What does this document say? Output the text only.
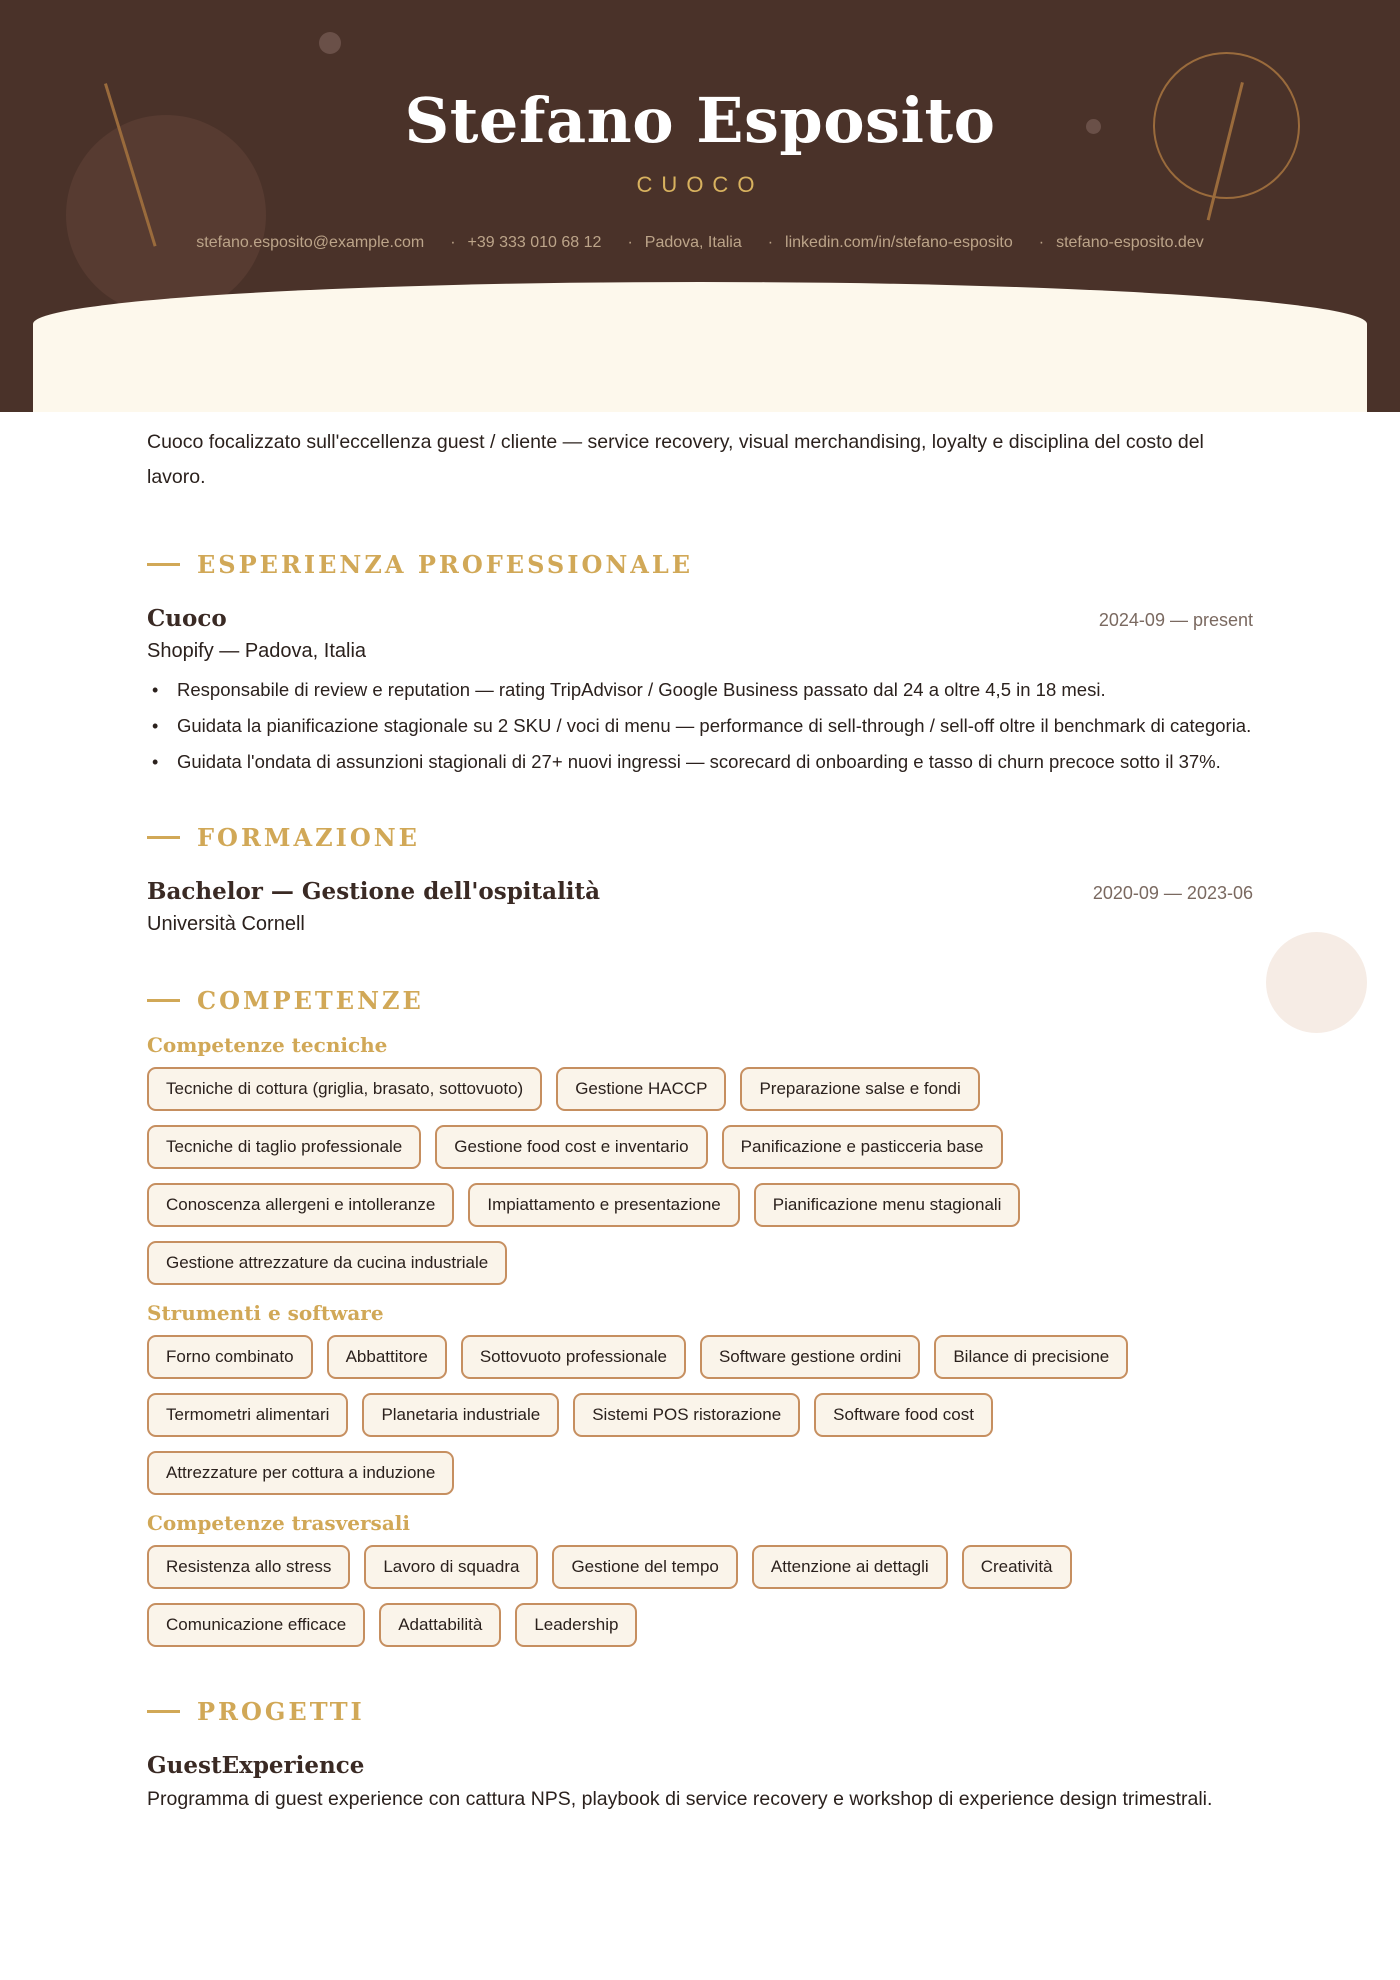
Stefano Esposito
CUOCO
stefano.esposito@example.com	· +39 333 010 68 12	· Padova, Italia	· linkedin.com/in/stefano-esposito	· stefano-esposito.dev

Cuoco focalizzato sull'eccellenza guest / cliente — service recovery, visual merchandising, loyalty e disciplina del costo del lavoro.

ESPERIENZA PROFESSIONALE
Cuoco	2024-09 — present
Shopify — Padova, Italia
• Responsabile di review e reputation — rating TripAdvisor / Google Business passato dal 24 a oltre 4,5 in 18 mesi.
• Guidata la pianificazione stagionale su 2 SKU / voci di menu — performance di sell-through / sell-off oltre il benchmark di categoria.
• Guidata l'ondata di assunzioni stagionali di 27+ nuovi ingressi — scorecard di onboarding e tasso di churn precoce sotto il 37%.
FORMAZIONE
Bachelor — Gestione dell'ospitalità	2020-09 — 2023-06
Università Cornell
COMPETENZE
Competenze tecniche
Tecniche di cottura (griglia, brasato, sottovuoto)	Gestione HACCP	Preparazione salse e fondi
Tecniche di taglio professionale	Gestione food cost e inventario	Panificazione e pasticceria base
Conoscenza allergeni e intolleranze	Impiattamento e presentazione	Pianificazione menu stagionali
Gestione attrezzature da cucina industriale
Strumenti e software
Forno combinato	Abbattitore	Sottovuoto professionale	Software gestione ordini	Bilance di precisione
Termometri alimentari	Planetaria industriale	Sistemi POS ristorazione	Software food cost
Attrezzature per cottura a induzione
Competenze trasversali
Resistenza allo stress	Lavoro di squadra	Gestione del tempo	Attenzione ai dettagli	Creatività
Comunicazione efficace	Adattabilità	Leadership
PROGETTI
GuestExperience

Programma di guest experience con cattura NPS, playbook di service recovery e workshop di experience design trimestrali.
